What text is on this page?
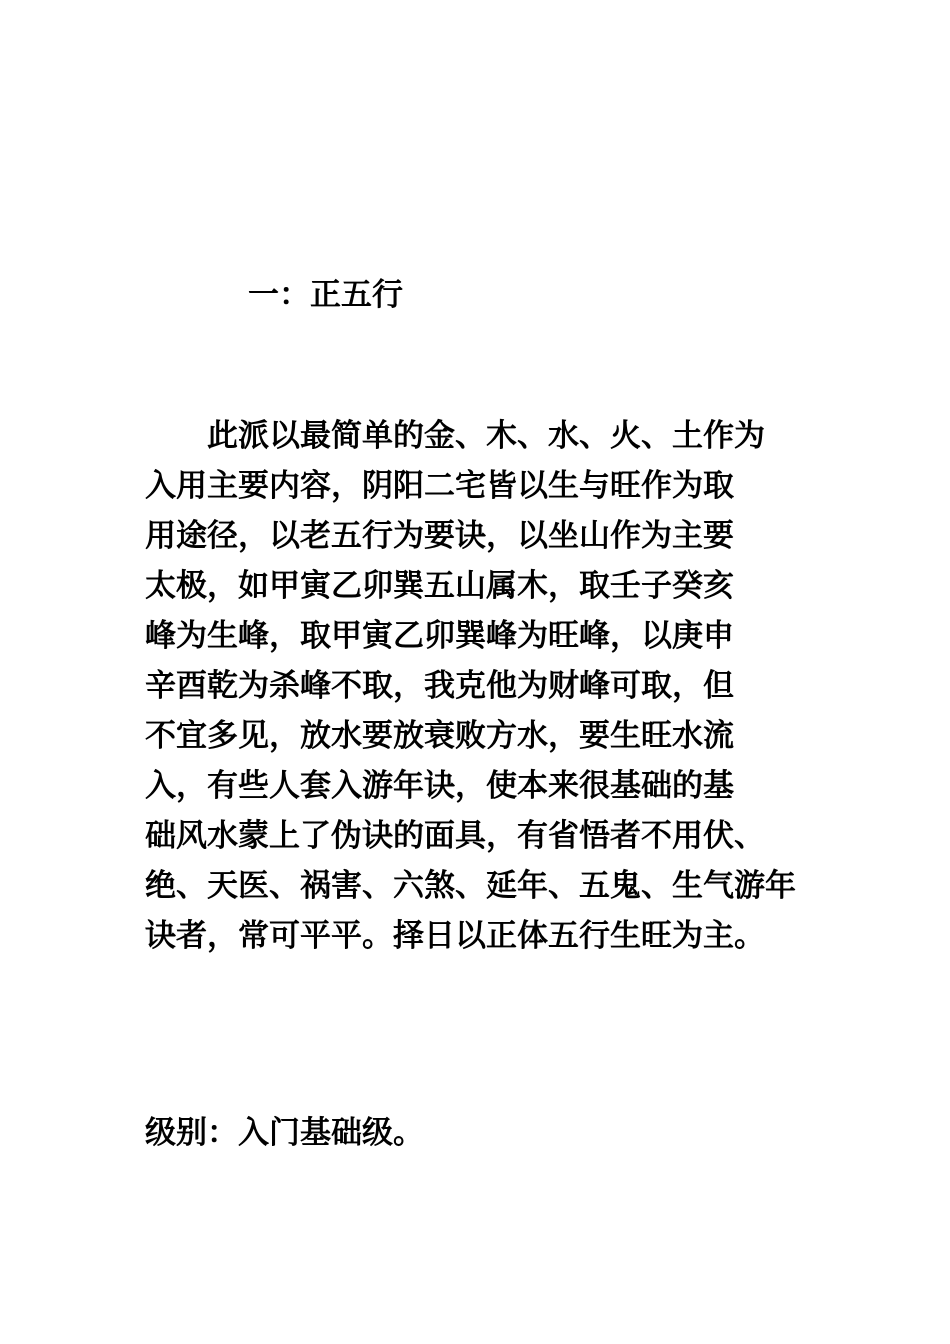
一：正五行
　　此派以最简单的金、木、水、火、土作为
入用主要内容，阴阳二宅皆以生与旺作为取
用途径，以老五行为要诀，以坐山作为主要
太极，如甲寅乙卯巽五山属木，取壬子癸亥
峰为生峰，取甲寅乙卯巽峰为旺峰，以庚申
辛酉乾为杀峰不取，我克他为财峰可取，但
不宜多见，放水要放衰败方水，要生旺水流
入，有些人套入游年诀，使本来很基础的基
础风水蒙上了伪诀的面具，有省悟者不用伏、
绝、天医、祸害、六煞、延年、五鬼、生气游年
诀者，常可平平。择日以正体五行生旺为主。
级别：入门基础级。
